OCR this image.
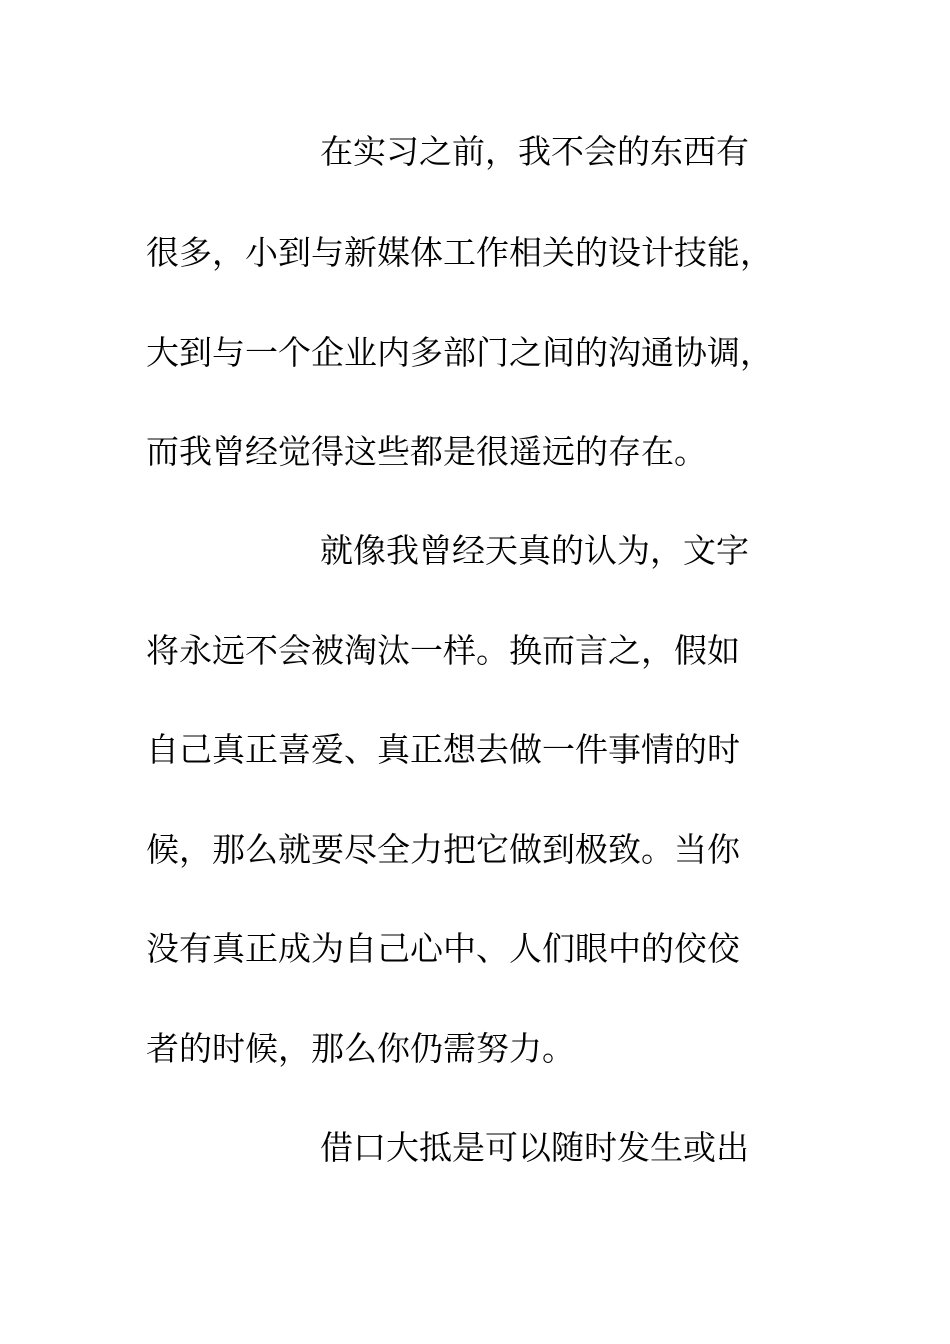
在实习之前，我不会的东西有
很多，小到与新媒体工作相关的设计技能，
大到与一个企业内多部门之间的沟通协调，
而我曾经觉得这些都是很遥远的存在。
就像我曾经天真的认为，文字
将永远不会被淘汰一样。换而言之，假如
自己真正喜爱、真正想去做一件事情的时
候，那么就要尽全力把它做到极致。当你
没有真正成为自己心中、人们眼中的佼佼
者的时候，那么你仍需努力。
借口大抵是可以随时发生或出
